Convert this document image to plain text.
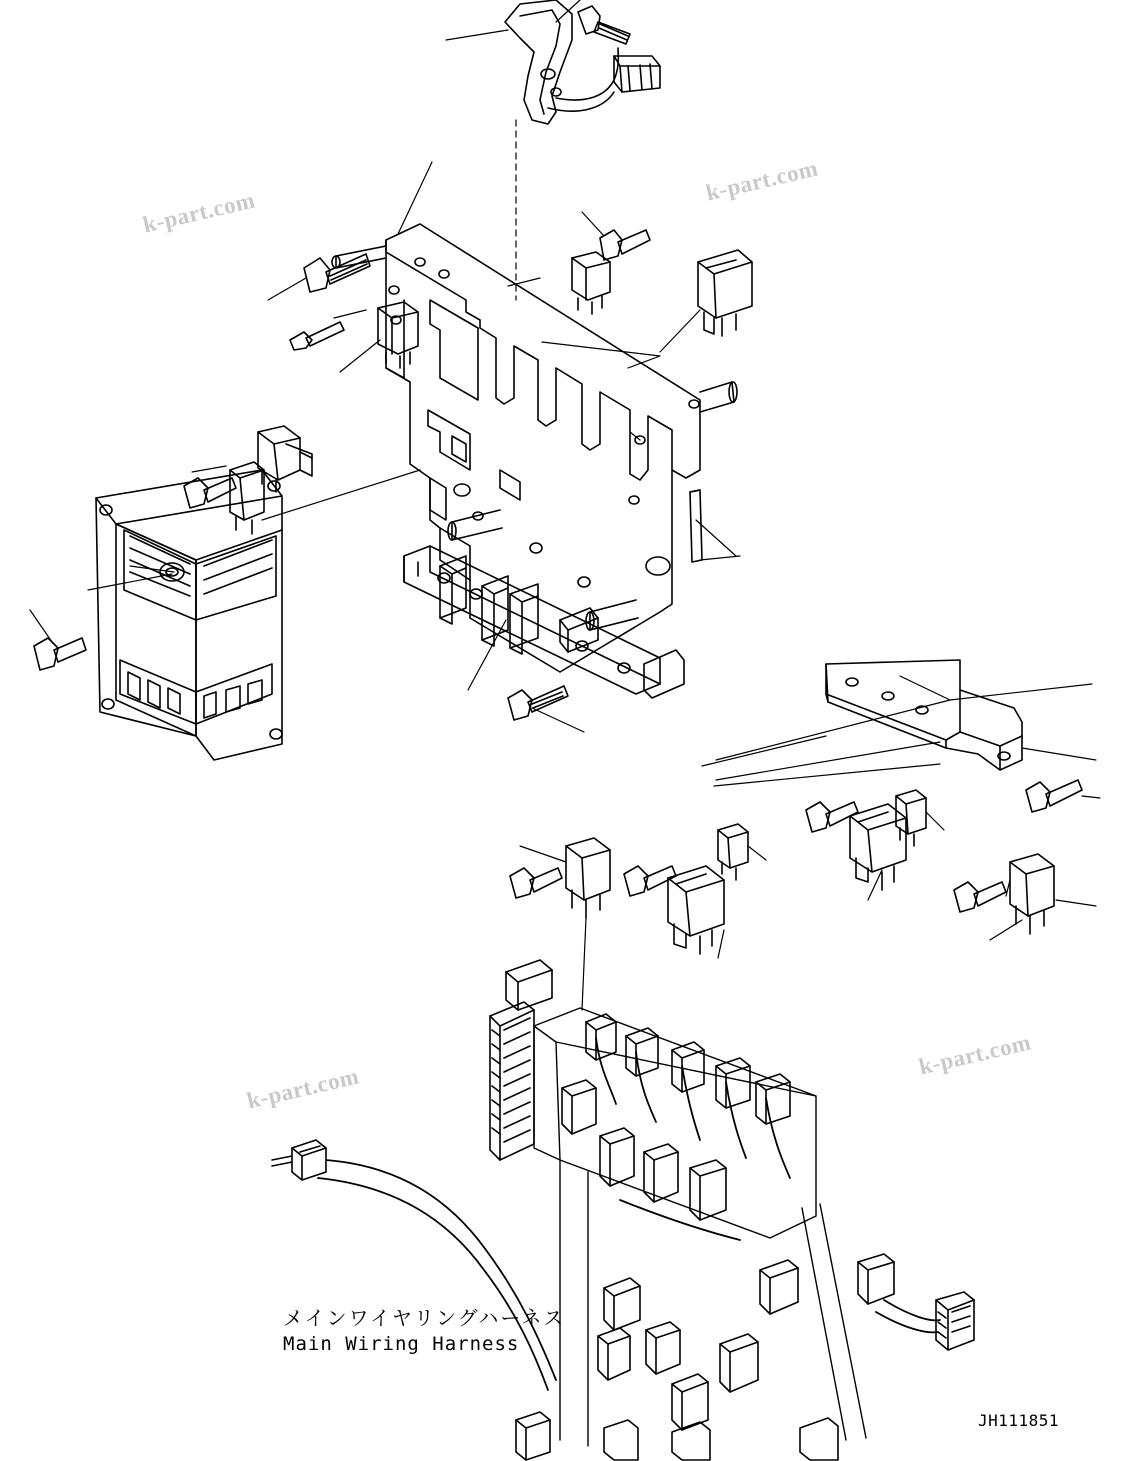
k-part.com
k-part.com
k-part.com
k-part.com
メインワイヤリングハーネス
Main Wiring Harness
JH111851
